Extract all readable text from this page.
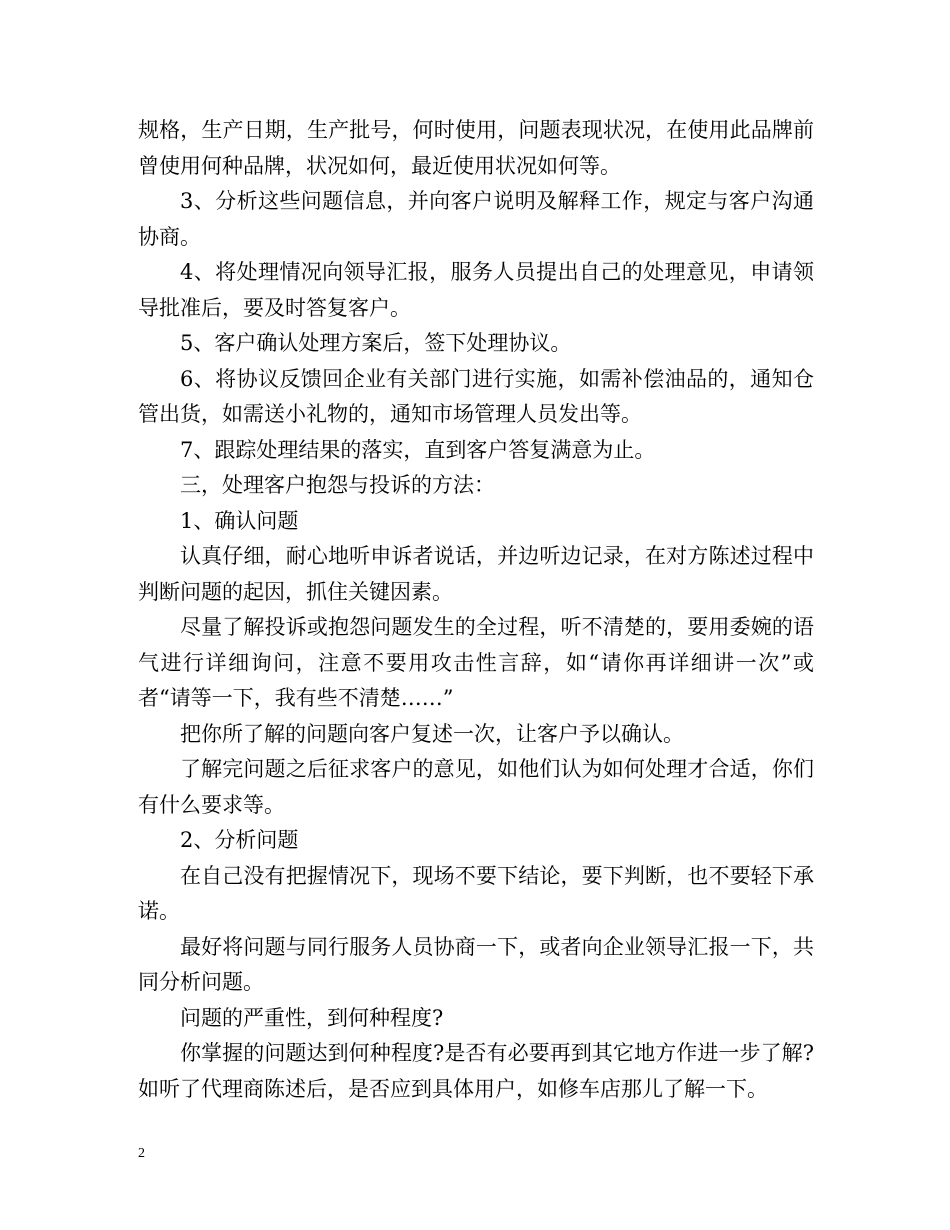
规格，生产日期，生产批号，何时使用，问题表现状况，在使用此品牌前曾使用何种品牌，状况如何，最近使用状况如何等。

3、分析这些问题信息，并向客户说明及解释工作，规定与客户沟通协商。

4、将处理情况向领导汇报，服务人员提出自己的处理意见，申请领导批准后，要及时答复客户。

5、客户确认处理方案后，签下处理协议。

6、将协议反馈回企业有关部门进行实施，如需补偿油品的，通知仓管出货，如需送小礼物的，通知市场管理人员发出等。

7、跟踪处理结果的落实，直到客户答复满意为止。

三，处理客户抱怨与投诉的方法：

1、确认问题

认真仔细，耐心地听申诉者说话，并边听边记录，在对方陈述过程中判断问题的起因，抓住关键因素。

尽量了解投诉或抱怨问题发生的全过程，听不清楚的，要用委婉的语气进行详细询问，注意不要用攻击性言辞，如“请你再详细讲一次”或者“请等一下，我有些不清楚……”

把你所了解的问题向客户复述一次，让客户予以确认。

了解完问题之后征求客户的意见，如他们认为如何处理才合适，你们有什么要求等。

2、分析问题

在自己没有把握情况下，现场不要下结论，要下判断，也不要轻下承诺。

最好将问题与同行服务人员协商一下，或者向企业领导汇报一下，共同分析问题。

问题的严重性，到何种程度?

你掌握的问题达到何种程度?是否有必要再到其它地方作进一步了解?如听了代理商陈述后，是否应到具体用户，如修车店那儿了解一下。

2
